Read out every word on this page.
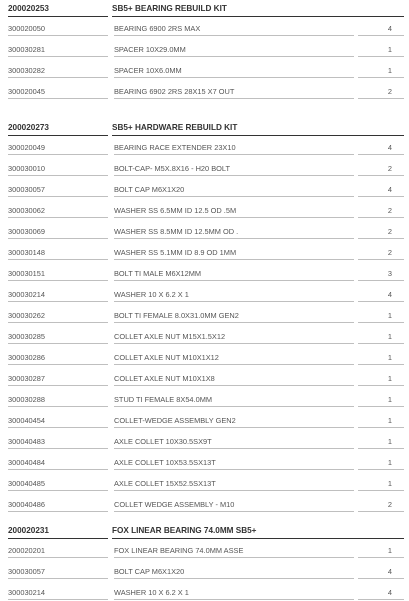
200020253	SB5+ BEARING REBUILD KIT
300020050	BEARING 6900 2RS MAX	4
300030281	SPACER 10X29.0MM	1
300030282	SPACER 10X6.0MM	1
300020045	BEARING 6902 2RS 28X15 X7 OUT	2
200020273	SB5+ HARDWARE REBUILD KIT
300020049	BEARING RACE EXTENDER 23X10	4
300030010	BOLT-CAP- M5X.8X16 - H20 BOLT	2
300030057	BOLT CAP M6X1X20	4
300030062	WASHER SS 6.5MM ID 12.5 OD .5M	2
300030069	WASHER SS 8.5MM ID 12.5MM OD .	2
300030148	WASHER SS 5.1MM ID 8.9 OD 1MM	2
300030151	BOLT TI MALE M6X12MM	3
300030214	WASHER 10 X 6.2 X 1	4
300030262	BOLT TI FEMALE 8.0X31.0MM GEN2	1
300030285	COLLET AXLE NUT M15X1.5X12	1
300030286	COLLET AXLE NUT M10X1X12	1
300030287	COLLET AXLE NUT M10X1X8	1
300030288	STUD TI FEMALE 8X54.0MM	1
300040454	COLLET-WEDGE ASSEMBLY GEN2	1
300040483	AXLE COLLET 10X30.5SX9T	1
300040484	AXLE COLLET 10X53.5SX13T	1
300040485	AXLE COLLET 15X52.5SX13T	1
300040486	COLLET WEDGE ASSEMBLY - M10	2
200020231	FOX LINEAR BEARING 74.0MM SB5+
200020201	FOX LINEAR BEARING 74.0MM ASSE	1
300030057	BOLT CAP M6X1X20	4
300030214	WASHER 10 X 6.2 X 1	4
